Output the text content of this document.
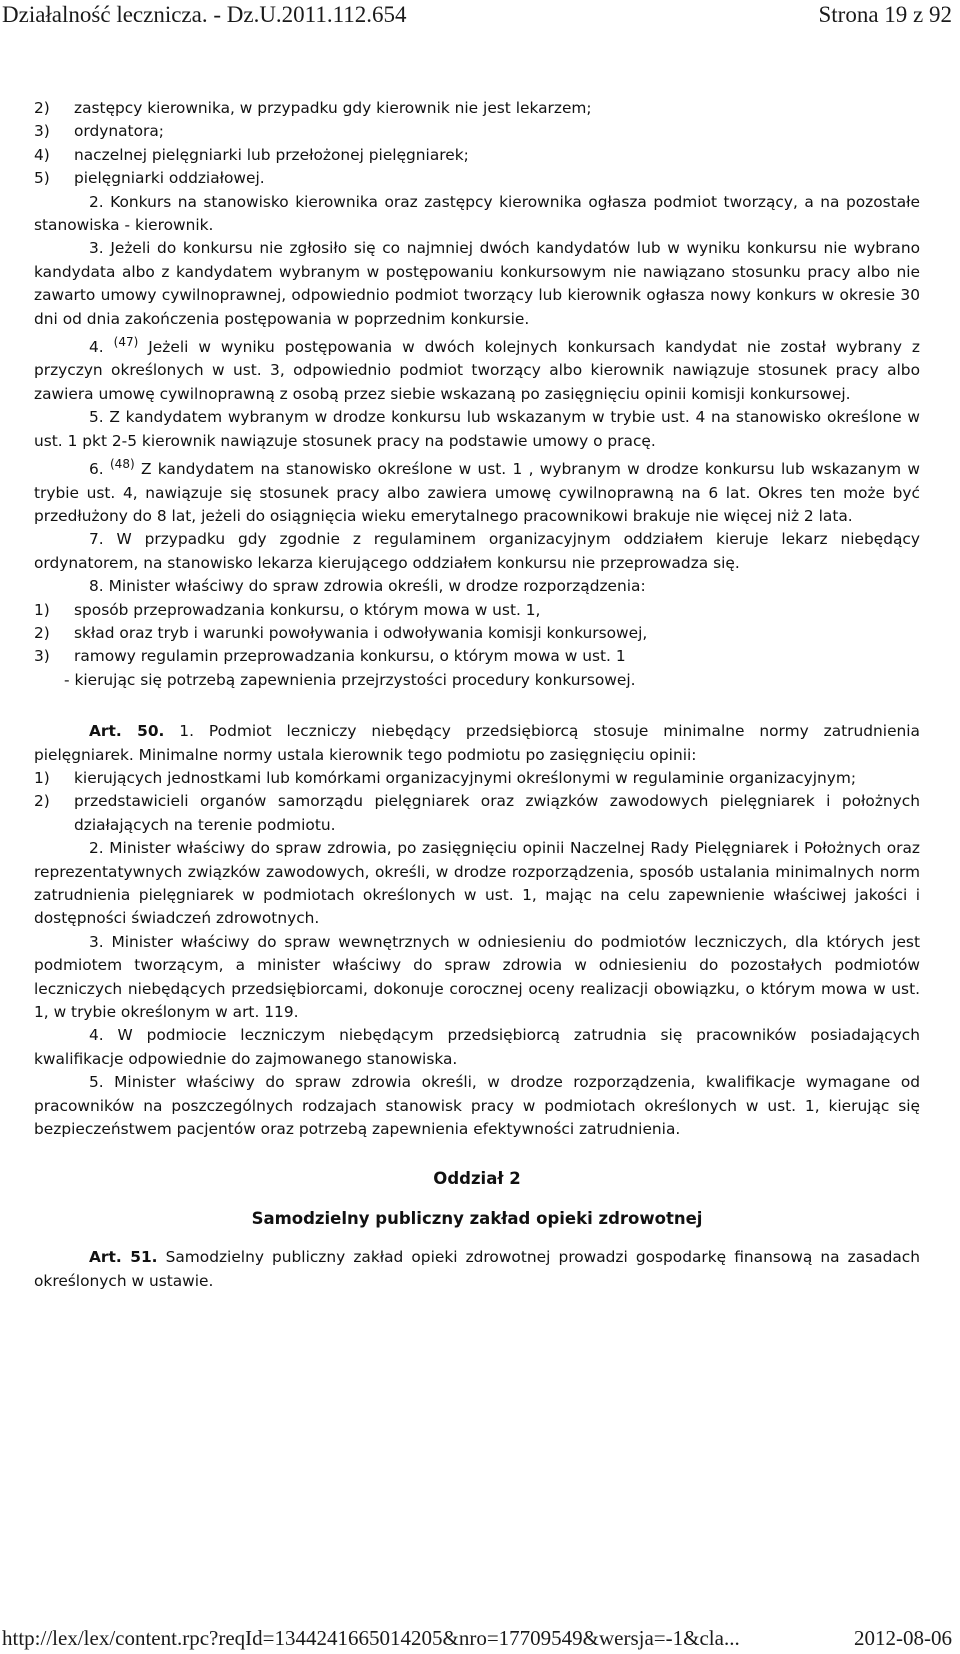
Działalność lecznicza. - Dz.U.2011.112.654	Strona 19 z 92
2)	zastępcy kierownika, w przypadku gdy kierownik nie jest lekarzem;
3)	ordynatora;
4)	naczelnej pielęgniarki lub przełożonej pielęgniarek;
5)	pielęgniarki oddziałowej.

2. Konkurs na stanowisko kierownika oraz zastępcy kierownika ogłasza podmiot tworzący, a na pozostałe stanowiska - kierownik.

3. Jeżeli do konkursu nie zgłosiło się co najmniej dwóch kandydatów lub w wyniku konkursu nie wybrano kandydata albo z kandydatem wybranym w postępowaniu konkursowym nie nawiązano stosunku pracy albo nie zawarto umowy cywilnoprawnej, odpowiednio podmiot tworzący lub kierownik ogłasza nowy konkurs w okresie 30 dni od dnia zakończenia postępowania w poprzednim konkursie.

4. $^{(47)}$ Jeżeli w wyniku postępowania w dwóch kolejnych konkursach kandydat nie został wybrany z przyczyn określonych w ust. 3, odpowiednio podmiot tworzący albo kierownik nawiązuje stosunek pracy albo zawiera umowę cywilnoprawną z osobą przez siebie wskazaną po zasięgnięciu opinii komisji konkursowej.

5. Z kandydatem wybranym w drodze konkursu lub wskazanym w trybie ust. 4 na stanowisko określone w ust. 1 pkt 2-5 kierownik nawiązuje stosunek pracy na podstawie umowy o pracę.

6. $^{(48)}$ Z kandydatem na stanowisko określone w ust. 1 , wybranym w drodze konkursu lub wskazanym w trybie ust. 4, nawiązuje się stosunek pracy albo zawiera umowę cywilnoprawną na 6 lat. Okres ten może być przedłużony do 8 lat, jeżeli do osiągnięcia wieku emerytalnego pracownikowi brakuje nie więcej niż 2 lata.

7. W przypadku gdy zgodnie z regulaminem organizacyjnym oddziałem kieruje lekarz niebędący ordynatorem, na stanowisko lekarza kierującego oddziałem konkursu nie przeprowadza się.

8. Minister właściwy do spraw zdrowia określi, w drodze rozporządzenia:

1)	sposób przeprowadzania konkursu, o którym mowa w ust. 1,
2)	skład oraz tryb i warunki powoływania i odwoływania komisji konkursowej,
3)	ramowy regulamin przeprowadzania konkursu, o którym mowa w ust. 1

- kierując się potrzebą zapewnienia przejrzystości procedury konkursowej.

Art. 50. 1. Podmiot leczniczy niebędący przedsiębiorcą stosuje minimalne normy zatrudnienia pielęgniarek. Minimalne normy ustala kierownik tego podmiotu po zasięgnięciu opinii:

1)	kierujących jednostkami lub komórkami organizacyjnymi określonymi w regulaminie organizacyjnym;
2)	przedstawicieli organów samorządu pielęgniarek oraz związków zawodowych pielęgniarek i położnych działających na terenie podmiotu.

2. Minister właściwy do spraw zdrowia, po zasięgnięciu opinii Naczelnej Rady Pielęgniarek i Położnych oraz reprezentatywnych związków zawodowych, określi, w drodze rozporządzenia, sposób ustalania minimalnych norm zatrudnienia pielęgniarek w podmiotach określonych w ust. 1, mając na celu zapewnienie właściwej jakości i dostępności świadczeń zdrowotnych.

3. Minister właściwy do spraw wewnętrznych w odniesieniu do podmiotów leczniczych, dla których jest podmiotem tworzącym, a minister właściwy do spraw zdrowia w odniesieniu do pozostałych podmiotów leczniczych niebędących przedsiębiorcami, dokonuje corocznej oceny realizacji obowiązku, o którym mowa w ust. 1, w trybie określonym w art. 119.

4. W podmiocie leczniczym niebędącym przedsiębiorcą zatrudnia się pracowników posiadających kwalifikacje odpowiednie do zajmowanego stanowiska.

5. Minister właściwy do spraw zdrowia określi, w drodze rozporządzenia, kwalifikacje wymagane od pracowników na poszczególnych rodzajach stanowisk pracy w podmiotach określonych w ust. 1, kierując się bezpieczeństwem pacjentów oraz potrzebą zapewnienia efektywności zatrudnienia.

Oddział 2

Samodzielny publiczny zakład opieki zdrowotnej

Art. 51. Samodzielny publiczny zakład opieki zdrowotnej prowadzi gospodarkę finansową na zasadach określonych w ustawie.

http://lex/lex/content.rpc?reqId=1344241665014205&nro=17709549&wersja=-1&cla...	2012-08-06
